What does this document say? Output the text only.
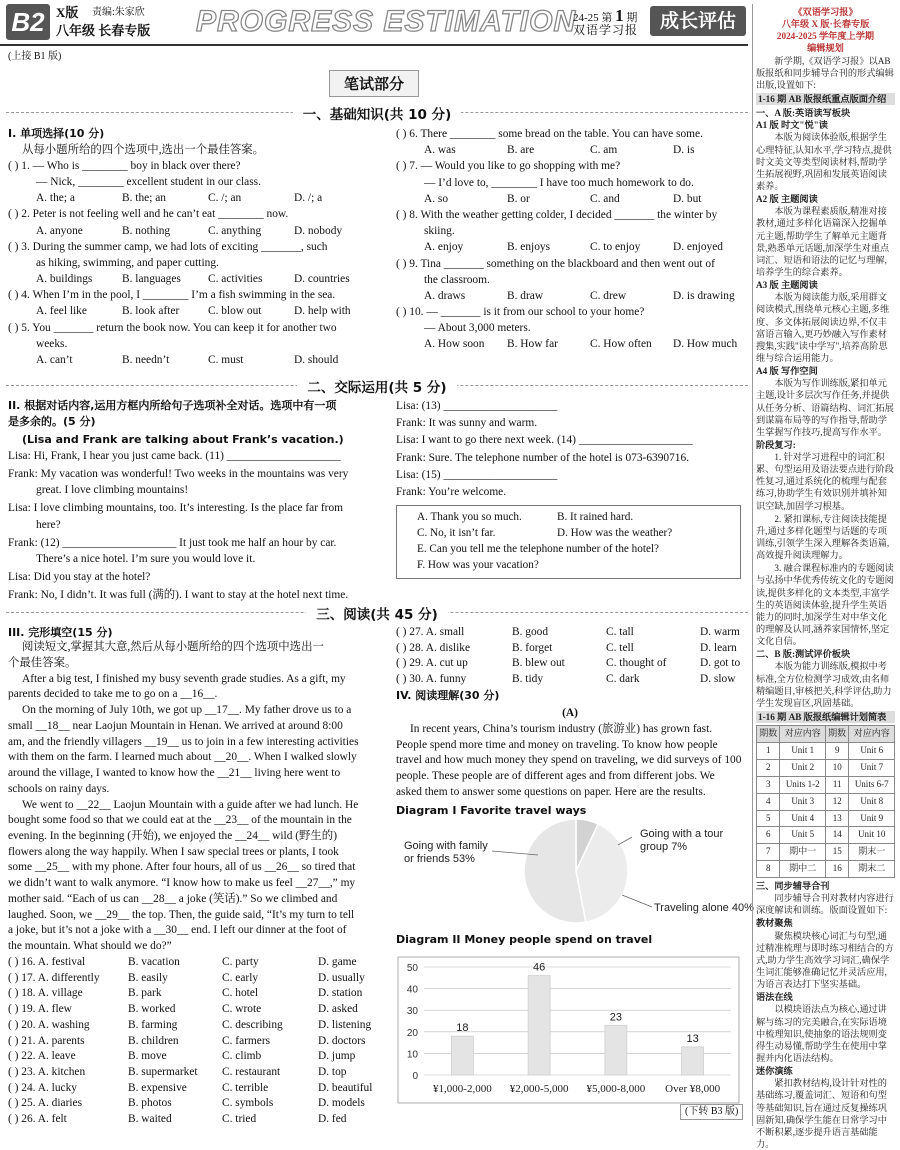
B2 X版 责编:朱家欣
八年级 长春专版 PROGRESS ESTIMATION
24-25 第 1 期
双语学习报	成长评估
(上接 B1 版)
笔试部分
一、基础知识(共 10 分)
I. 单项选择(10 分)
从每小题所给的四个选项中,选出一个最佳答案。
( ) 1. — Who is ________ boy in black over there?
— Nick, ________ excellent student in our class.
A. the; a	B. the; an	C. /; an	D. /; a
( ) 2. Peter is not feeling well and he can’t eat ________ now.
A. anyone	B. nothing	C. anything	D. nobody
( ) 3. During the summer camp, we had lots of exciting _______, such
as hiking, swimming, and paper cutting.
A. buildings	B. languages	C. activities	D. countries
( ) 4. When I’m in the pool, I ________ I’m a fish swimming in the sea.
A. feel like	B. look after	C. blow out	D. help with
( ) 5. You _______ return the book now. You can keep it for another two
weeks.
A. can’t	B. needn’t	C. must	D. should
( ) 6. There ________ some bread on the table. You can have some.
A. was	B. are	C. am	D. is
( ) 7. — Would you like to go shopping with me?
— I’d love to, ________ I have too much homework to do.
A. so	B. or	C. and	D. but
( ) 8. With the weather getting colder, I decided _______ the winter by
skiing.
A. enjoy	B. enjoys	C. to enjoy	D. enjoyed
( ) 9. Tina _______ something on the blackboard and then went out of
the classroom.
A. draws	B. draw	C. drew	D. is drawing
( ) 10. — _______ is it from our school to your home?
— About 3,000 meters.
A. How soon	B. How far	C. How often	D. How much
二、交际运用(共 5 分)
II. 根据对话内容,运用方框内所给句子选项补全对话。选项中有一项
是多余的。(5 分)
(Lisa and Frank are talking about Frank’s vacation.)
Lisa: Hi, Frank, I hear you just came back. (11) ____________________
Frank: My vacation was wonderful! Two weeks in the mountains was very
great. I love climbing mountains!
Lisa: I love climbing mountains, too. It’s interesting. Is the place far from
here?
Frank: (12) ____________________ It just took me half an hour by car.
There’s a nice hotel. I’m sure you would love it.
Lisa: Did you stay at the hotel?
Frank: No, I didn’t. It was full (满的). I want to stay at the hotel next time.
Lisa: (13) ____________________
Frank: It was sunny and warm.
Lisa: I want to go there next week. (14) ____________________
Frank: Sure. The telephone number of the hotel is 073-6390716.
Lisa: (15) ____________________
Frank: You’re welcome.
A. Thank you so much.	B. It rained hard.
C. No, it isn’t far.	D. How was the weather?
E. Can you tell me the telephone number of the hotel?
F. How was your vacation?
三、阅读(共 45 分)
III. 完形填空(15 分)
阅读短文,掌握其大意,然后从每小题所给的四个选项中选出一
个最佳答案。
After a big test, I finished my busy seventh grade studies. As a gift, my
parents decided to take me to go on a __16__.
On the morning of July 10th, we got up __17__. My father drove us to a
small __18__ near Laojun Mountain in Henan. We arrived at around 8:00
am, and the friendly villagers __19__ us to join in a few interesting activities
with them on the farm. I learned much about __20__. When I walked slowly
around the village, I wanted to know how the __21__ living here went to
schools on rainy days.
We went to __22__ Laojun Mountain with a guide after we had lunch. He
bought some food so that we could eat at the __23__ of the mountain in the
evening. In the beginning (开始), we enjoyed the __24__ wild (野生的)
flowers along the way happily. When I saw special trees or plants, I took
some __25__ with my phone. After four hours, all of us __26__ so tired that
we didn’t want to walk anymore. “I know how to make us feel __27__,” my
mother said. “Each of us can __28__ a joke (笑话).” So we climbed and
laughed. Soon, we __29__ the top. Then, the guide said, “It’s my turn to tell
a joke, but it’s not a joke with a __30__ end. I left our dinner at the foot of
the mountain. What should we do?”
( ) 16. A. festival	B. vacation	C. party	D. game
( ) 17. A. differently	B. easily	C. early	D. usually
( ) 18. A. village	B. park	C. hotel	D. station
( ) 19. A. flew	B. worked	C. wrote	D. asked
( ) 20. A. washing	B. farming	C. describing	D. listening
( ) 21. A. parents	B. children	C. farmers	D. doctors
( ) 22. A. leave	B. move	C. climb	D. jump
( ) 23. A. kitchen	B. supermarket	C. restaurant	D. top
( ) 24. A. lucky	B. expensive	C. terrible	D. beautiful
( ) 25. A. diaries	B. photos	C. symbols	D. models
( ) 26. A. felt	B. waited	C. tried	D. fed
( ) 27. A. small	B. good	C. tall	D. warm
( ) 28. A. dislike	B. forget	C. tell	D. learn
( ) 29. A. cut up	B. blew out	C. thought of	D. got to
( ) 30. A. funny	B. tidy	C. dark	D. slow
IV. 阅读理解(30 分)
(A)
In recent years, China’s tourism industry (旅游业) has grown fast.
People spend more time and money on traveling. To know how people
travel and how much money they spend on traveling, we did surveys of 100
people. These people are of different ages and from different jobs. We
asked them to answer some questions on paper. Here are the results.
Diagram I Favorite travel ways
Going with family
or friends 53%
Going with a tour
group 7%
Traveling alone 40%
Diagram II Money people spend on travel
0
10
20
30
40
50
18
¥1,000-2,000
46
¥2,000-5,000
23
¥5,000-8,000
13
Over ¥8,000
(下转 B3 版)
《双语学习报》
八年级 X 版·长春专版
2024-2025 学年度上学期
编辑规划

新学期,《双语学习报》以AB版报纸和同步辅导合刊的形式编辑出版,设置如下:

1-16 期 AB 版报纸重点版面介绍
一、A 版:英语读写板块
A1 版 时文"悦"读

本版为阅读体验版,根据学生心理特征,认知水平,学习特点,提供时文美文等类型阅读材料,帮助学生拓展视野,巩固和发展英语阅读素养。

A2 版 主题阅读

本版为课程素质版,精准对接教材,通过多样化语篇深入挖掘单元主题,帮助学生了解单元主题背景,熟悉单元话题,加深学生对重点词汇、短语和语法的记忆与理解,培养学生的综合素养。

A3 版 主题阅读

本版为阅读能力版,采用群文阅读模式,围绕单元核心主题,多维度、多文体拓展阅读边界,不仅丰富语言输入,更巧妙融入写作素材搜集,实践"读中学写",培养高阶思维与综合运用能力。

A4 版 写作空间

本版为写作训练版,紧扣单元主题,设计多层次写作任务,并提供从任务分析、语篇结构、词汇拓展到谋篇布局等的写作指导,帮助学生掌握写作技巧,提高写作水平。

阶段复习:

1. 针对学习进程中的词汇积累、句型运用及语法要点进行阶段性复习,通过系统化的梳理与配套练习,协助学生有效识别并填补知识空缺,加固学习根基。

2. 紧扣课标,专注阅读技能提升,通过多样化题型与话题的专项训练,引领学生深入理解各类语篇,高效提升阅读理解力。

3. 融合课程标准内的专题阅读与弘扬中华优秀传统文化的专题阅读,提供多样化的文本类型,丰富学生的英语阅读体验,提升学生英语能力的同时,加深学生对中华文化的理解及认同,涵养家国情怀,坚定文化自信。

二、B 版:测试评价板块

本版为能力训练版,模拟中考标准,全方位检测学习成效,由名师精编题目,审核把关,科学评估,助力学生发现盲区,巩固基础。

1-16 期 AB 版报纸编辑计划简表
期数	对应内容	期数	对应内容
1	Unit 1	9	Unit 6
2	Unit 2	10	Unit 7
3	Units 1-2	11	Units 6-7
4	Unit 3	12	Unit 8
5	Unit 4	13	Unit 9
6	Unit 5	14	Unit 10
7	期中一	15	期末一
8	期中二	16	期末二
三、同步辅导合刊

同步辅导合刊对教材内容进行深度解读和训练。版面设置如下:

教材聚焦

聚焦模块核心词汇与句型,通过精准梳理与即时练习相结合的方式,助力学生高效学习词汇,确保学生词汇能够准确记忆并灵活应用,为语言表达打下坚实基础。

语法在线

以模块语法点为核心,通过讲解与练习的完美融合,在实际语境中梳理知识,使抽象的语法规则变得生动易懂,帮助学生在使用中掌握并内化语法结构。

迷你演练

紧扣教材结构,设计针对性的基础练习,覆盖词汇、短语和句型等基础知识,旨在通过反复操练巩固新知,确保学生能在日常学习中不断积累,逐步提升语言基础能力。
